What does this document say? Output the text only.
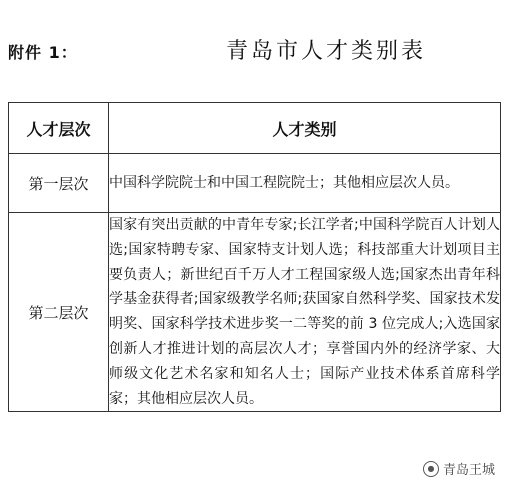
附件 1：	青岛市人才类别表
人才层次	人才类别
第一层次	中国科学院院士和中国工程院院士；其他相应层次人员。
第二层次	国家有突出贡献的中青年专家;长江学者;中国科学院百人计划人选;国家特聘专家、国家特支计划人选；科技部重大计划项目主要负责人；新世纪百千万人才工程国家级人选;国家杰出青年科学基金获得者;国家级教学名师;获国家自然科学奖、国家技术发明奖、国家科学技术进步奖一二等奖的前 3 位完成人;入选国家创新人才推进计划的高层次人才；享誉国内外的经济学家、大师级文化艺术名家和知名人士；国际产业技术体系首席科学家；其他相应层次人员。
● 青岛王城
